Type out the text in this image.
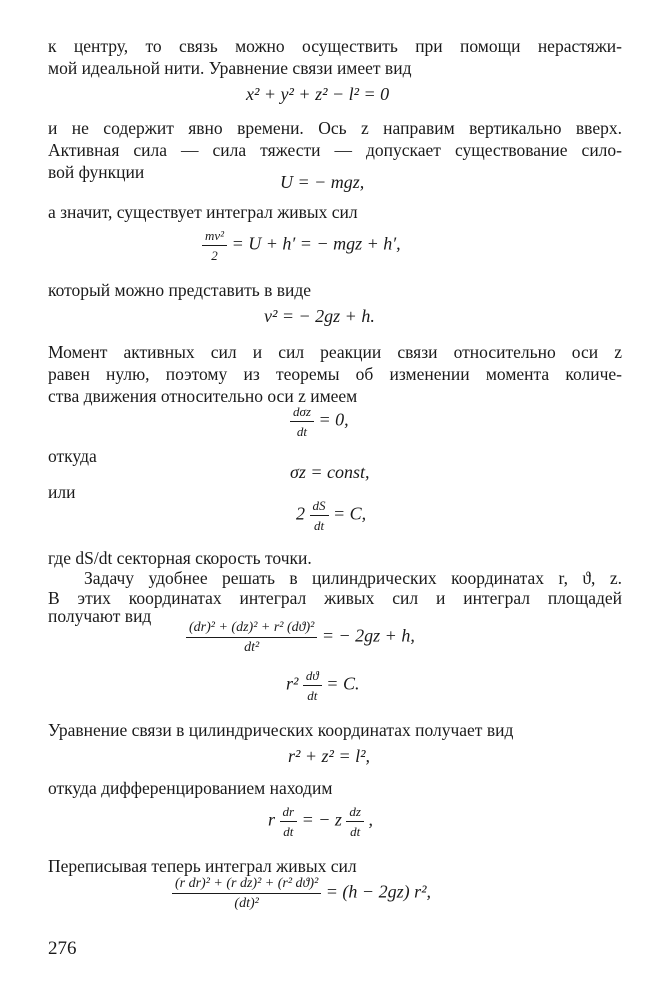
к центру, то связь можно осуществить при помощи нерастяжи-
мой идеальной нити. Уравнение связи имеет вид
x² + y² + z² − l² = 0
и не содержит явно времени. Ось z направим вертикально вверх.
Активная сила — сила тяжести — допускает существование сило-
вой функции	U = − mgz,
а значит, существует интеграл живых сил
$\frac{\text{mv²}}{2} = U + h'$ = − mgz + h′,
который можно представить в виде
v² = − 2gz + h.
Момент активных сил и сил реакции связи относительно оси z
равен нулю, поэтому из теоремы об изменении момента количе-
ства движения относительно оси z имеем
$\frac{\text{dσz}}{dt} = 0$,
откуда
σz = const,
или
$2 \frac{dS}{dt} = C$,
где dS/dt секторная скорость точки.
Задачу удобнее решать в цилиндрических координатах r, ϑ, z.
В этих координатах интеграл живых сил и интеграл площадей
получают вид
$\frac{\text{(dr)² + (dz)² + r² (dϑ)²}}{\text{dt²}}$ = − 2gz + h,
$r^2 \frac{dϑ}{dt} = C$.
Уравнение связи в цилиндрических координатах получает вид
r² + z² = l²,
откуда дифференцированием находим
r $\frac{dr}{dt}$ = − z $\frac{dz}{dt}$ ,
Переписывая теперь интеграл живых сил
$\frac{\text{(r dr)² + (r dz)² + (r² dϑ)²}}{\text{(dt)²}} = (h - 2gz)$ r²,
276
